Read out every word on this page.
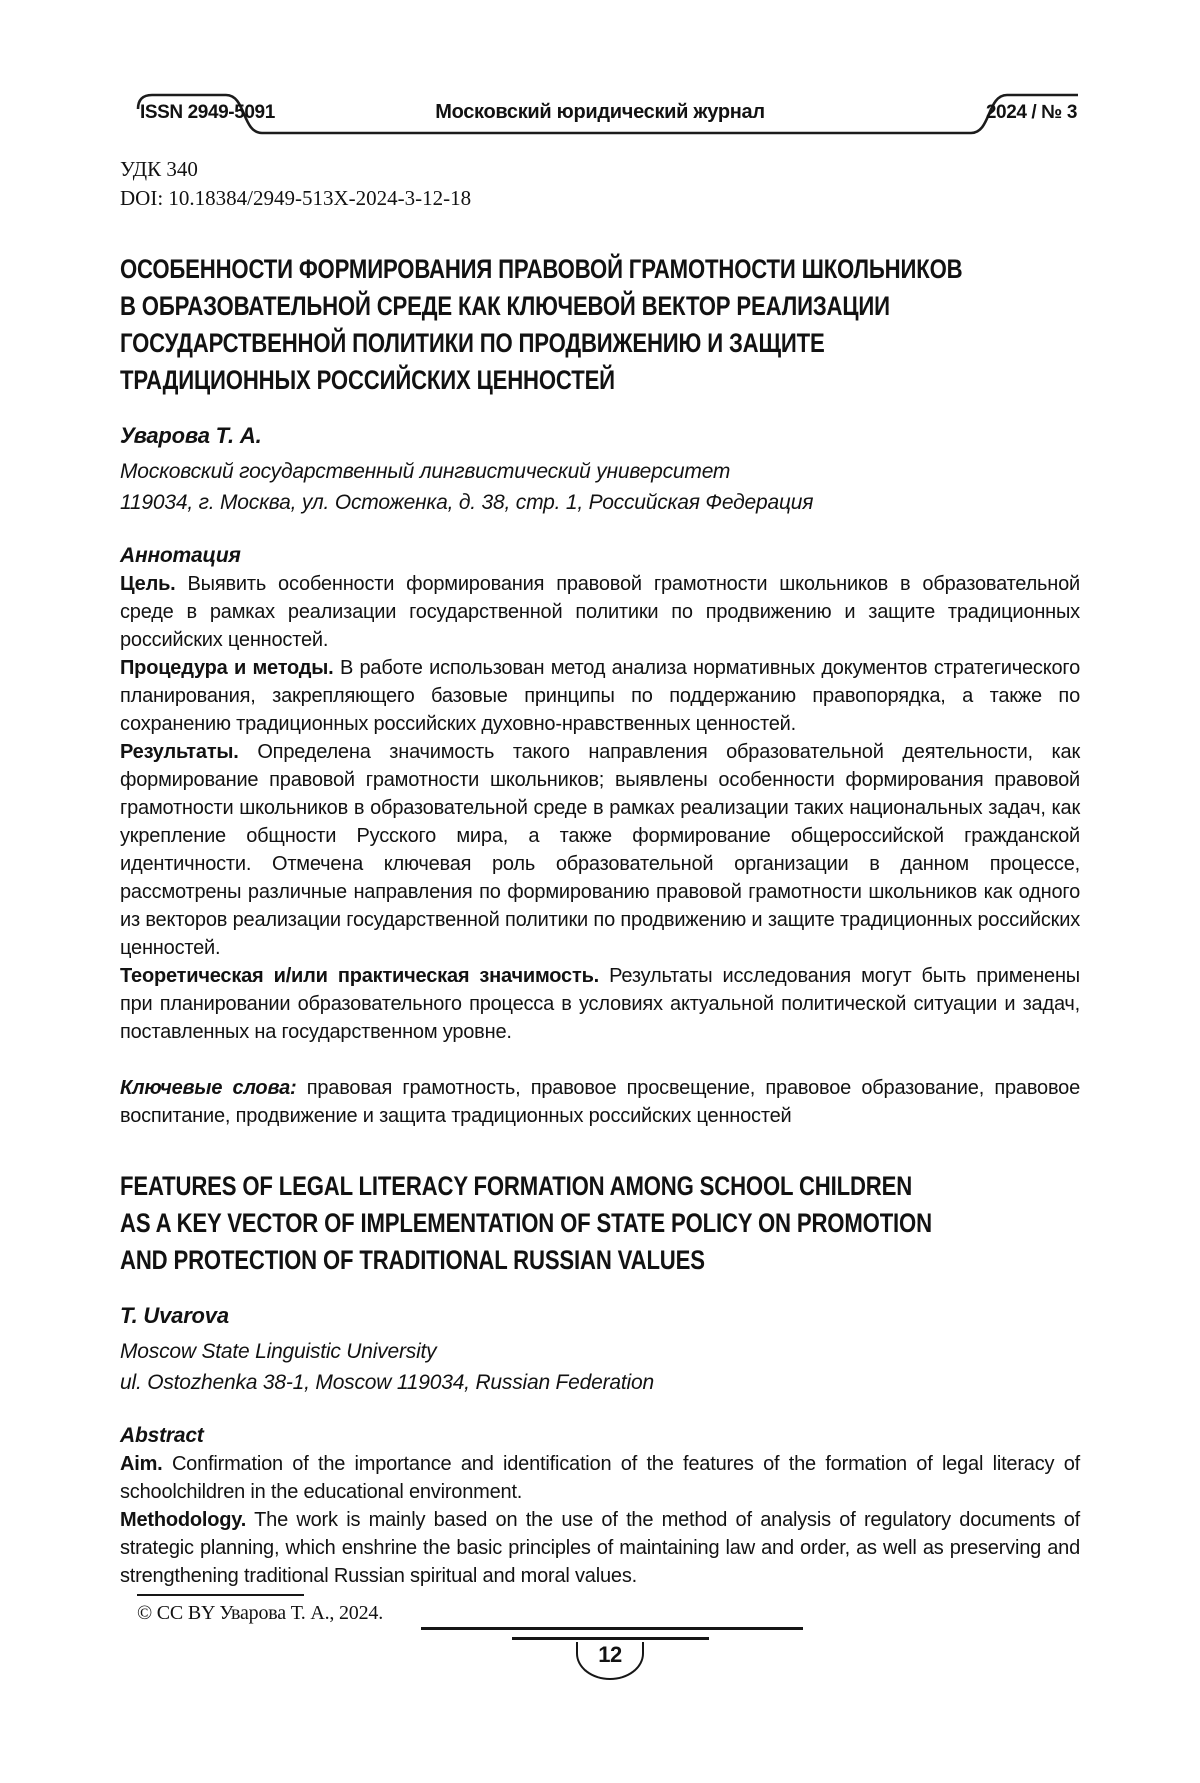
ISSN 2949-5091	Московский юридический журнал	2024 / № 3
УДК 340
DOI: 10.18384/2949-513X-2024-3-12-18
ОСОБЕННОСТИ ФОРМИРОВАНИЯ ПРАВОВОЙ ГРАМОТНОСТИ ШКОЛЬНИКОВ
В ОБРАЗОВАТЕЛЬНОЙ СРЕДЕ КАК КЛЮЧЕВОЙ ВЕКТОР РЕАЛИЗАЦИИ
ГОСУДАРСТВЕННОЙ ПОЛИТИКИ ПО ПРОДВИЖЕНИЮ И ЗАЩИТЕ
ТРАДИЦИОННЫХ РОССИЙСКИХ ЦЕННОСТЕЙ
Уварова Т. А.
Московский государственный лингвистический университет
119034, г. Москва, ул. Остоженка, д. 38, стр. 1, Российская Федерация
Аннотация

Цель. Выявить особенности формирования правовой грамотности школьников в образовательной среде в рамках реализации государственной политики по продвижению и защите традиционных российских ценностей.

Процедура и методы. В работе использован метод анализа нормативных документов стратегического планирования, закрепляющего базовые принципы по поддержанию правопорядка, а также по сохранению традиционных российских духовно-нравственных ценностей.

Результаты. Определена значимость такого направления образовательной деятельности, как формирование правовой грамотности школьников; выявлены особенности формирования правовой грамотности школьников в образовательной среде в рамках реализации таких национальных задач, как укрепление общности Русского мира, а также формирование общероссийской гражданской идентичности. Отмечена ключевая роль образовательной организации в данном процессе, рассмотрены различные направления по формированию правовой грамотности школьников как одного из векторов реализации государственной политики по продвижению и защите традиционных российских ценностей.

Теоретическая и/или практическая значимость. Результаты исследования могут быть применены при планировании образовательного процесса в условиях актуальной политической ситуации и задач, поставленных на государственном уровне.

Ключевые слова: правовая грамотность, правовое просвещение, правовое образование, правовое воспитание, продвижение и защита традиционных российских ценностей

FEATURES OF LEGAL LITERACY FORMATION AMONG SCHOOL CHILDREN
AS A KEY VECTOR OF IMPLEMENTATION OF STATE POLICY ON PROMOTION
AND PROTECTION OF TRADITIONAL RUSSIAN VALUES
T. Uvarova
Moscow State Linguistic University
ul. Ostozhenka 38-1, Moscow 119034, Russian Federation
Abstract

Aim. Confirmation of the importance and identification of the features of the formation of legal literacy of schoolchildren in the educational environment.

Methodology. The work is mainly based on the use of the method of analysis of regulatory documents of strategic planning, which enshrine the basic principles of maintaining law and order, as well as preserving and strengthening traditional Russian spiritual and moral values.

© CC BY Уварова Т. А., 2024.
12
